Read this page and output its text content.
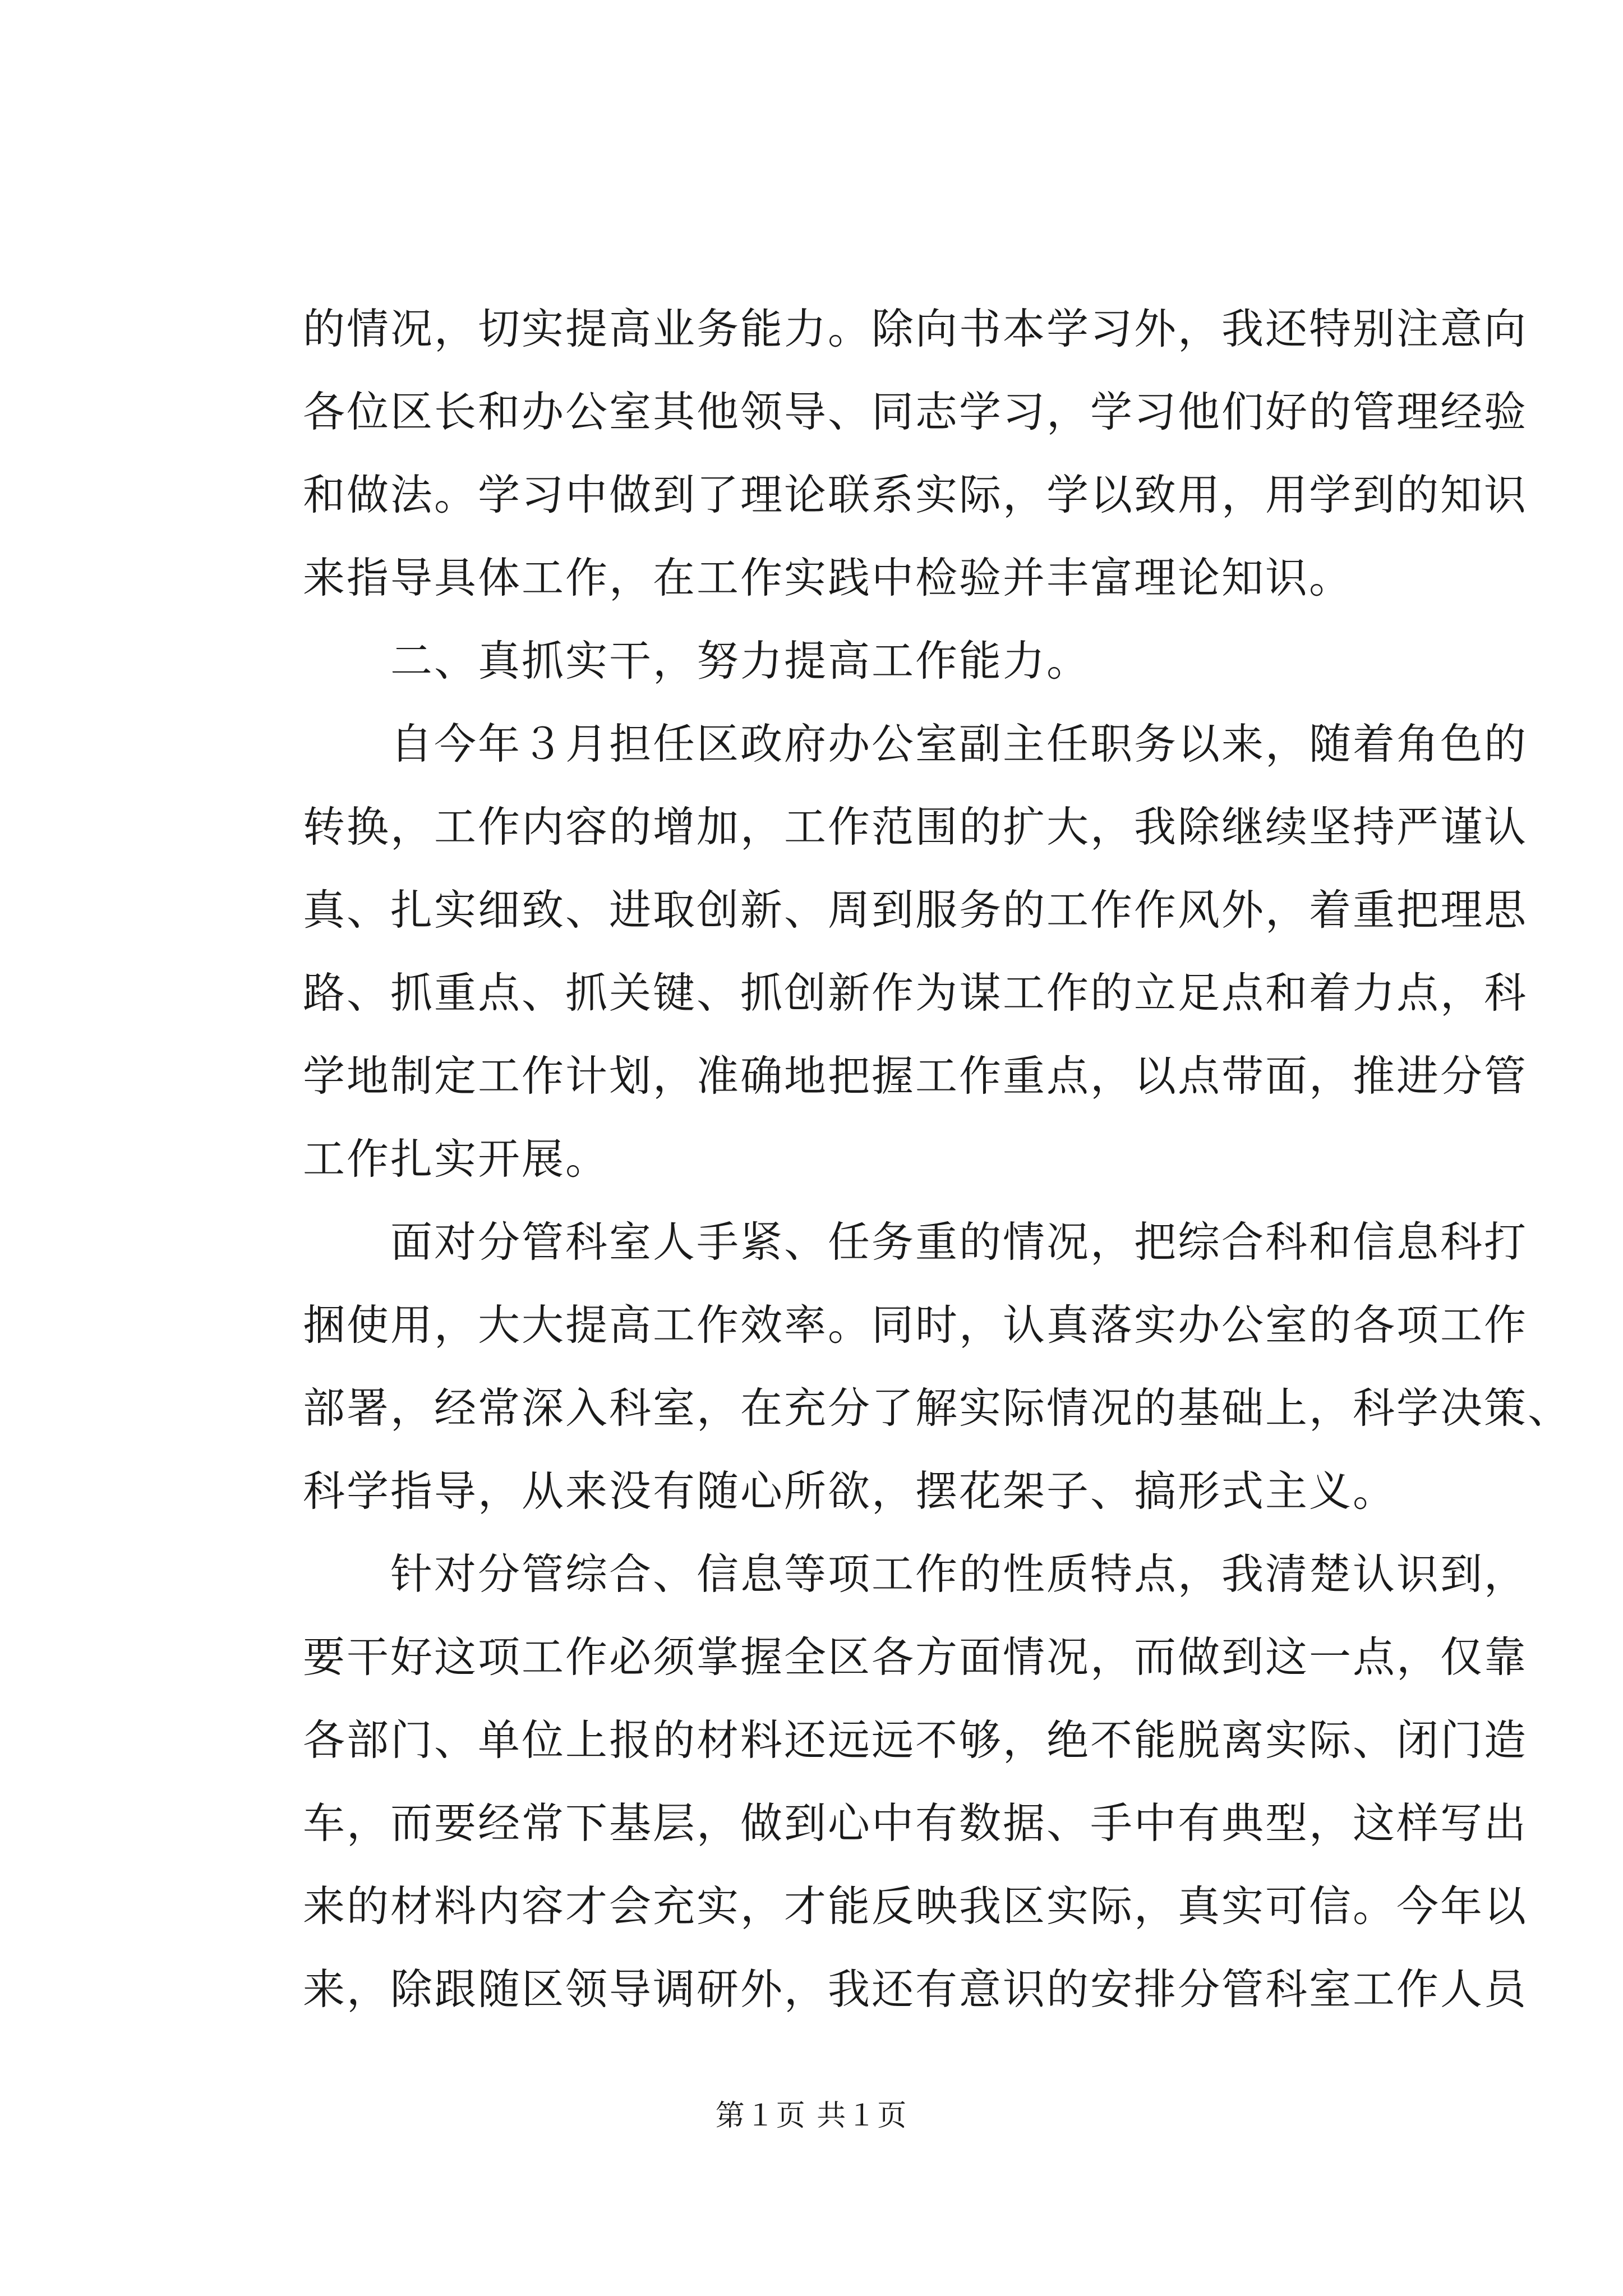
的情况，切实提高业务能力。除向书本学习外，我还特别注意向
各位区长和办公室其他领导、同志学习，学习他们好的管理经验
和做法。学习中做到了理论联系实际，学以致用，用学到的知识
来指导具体工作，在工作实践中检验并丰富理论知识。
　　二、真抓实干，努力提高工作能力。
　　自今年３月担任区政府办公室副主任职务以来，随着角色的
转换，工作内容的增加，工作范围的扩大，我除继续坚持严谨认
真、扎实细致、进取创新、周到服务的工作作风外，着重把理思
路、抓重点、抓关键、抓创新作为谋工作的立足点和着力点，科
学地制定工作计划，准确地把握工作重点，以点带面，推进分管
工作扎实开展。
　　面对分管科室人手紧、任务重的情况，把综合科和信息科打
捆使用，大大提高工作效率。同时，认真落实办公室的各项工作
部署，经常深入科室，在充分了解实际情况的基础上，科学决策、
科学指导，从来没有随心所欲，摆花架子、搞形式主义。
　　针对分管综合、信息等项工作的性质特点，我清楚认识到，
要干好这项工作必须掌握全区各方面情况，而做到这一点，仅靠
各部门、单位上报的材料还远远不够，绝不能脱离实际、闭门造
车，而要经常下基层，做到心中有数据、手中有典型，这样写出
来的材料内容才会充实，才能反映我区实际，真实可信。今年以
来，除跟随区领导调研外，我还有意识的安排分管科室工作人员
第１页 共１页
